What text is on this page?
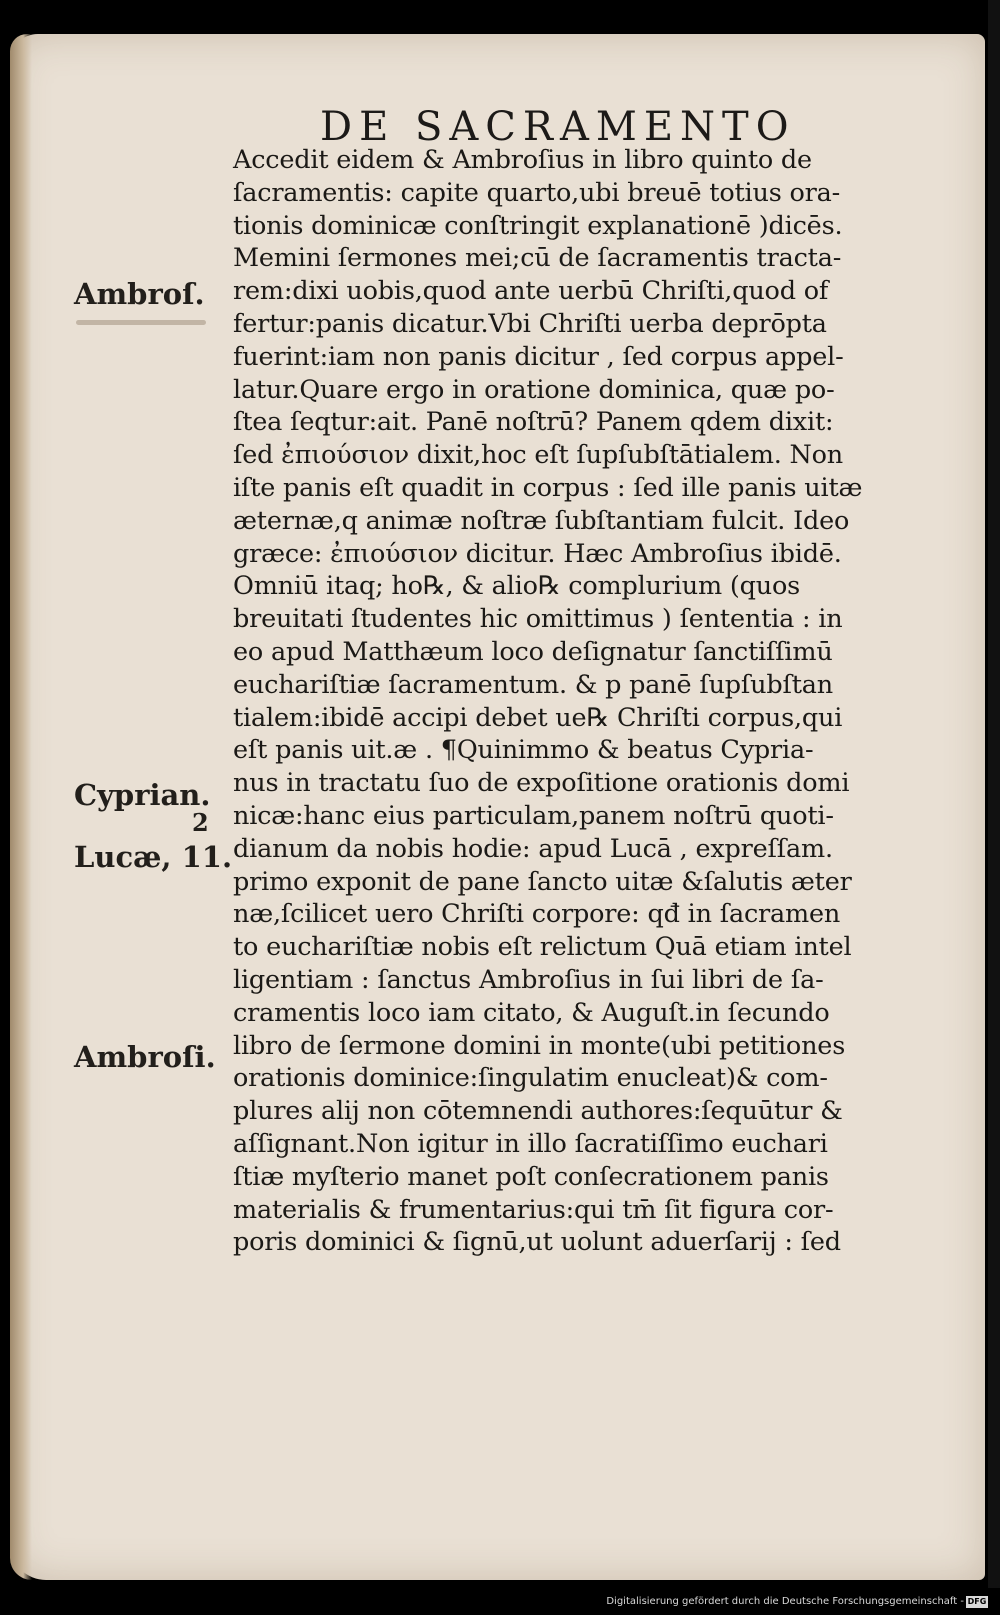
DE SACRAMENTO
Accedit eidem & Ambroſius in libro quinto de
ſacramentis: capite quarto,ubi breuē totius ora-
tionis dominicæ conſtringit explanationē )dicēs.
Memini ſermones mei;cū de ſacramentis tracta-
rem:dixi uobis,quod ante uerbū Chriſti,quod of
fertur:panis dicatur.Vbi Chriſti uerba deprōpta
fuerint:iam non panis dicitur , ſed corpus appel-
latur.Quare ergo in oratione dominica, quæ po-
ſtea ſeqtur:ait. Panē noſtrū? Panem qdem dixit:
ſed ἐπιούσιον dixit,hoc eſt ſupſubſtātialem. Non
iſte panis eſt quadit in corpus : ſed ille panis uitæ
æternæ,q animæ noſtræ ſubſtantiam fulcit. Ideo
græce: ἐπιούσιον dicitur. Hæc Ambroſius ibidē.
Omniū itaq; ho℞, & alio℞ complurium (quos
breuitati ſtudentes hic omittimus ) ſententia : in
eo apud Matthæum loco deſignatur ſanctiſſimū
euchariſtiæ ſacramentum. & p panē ſupſubſtan
tialem:ibidē accipi debet ue℞ Chriſti corpus,qui
eſt panis uit.æ . ¶Quinimmo & beatus Cypria-
nus in tractatu ſuo de expoſitione orationis domi
nicæ:hanc eius particulam,panem noſtrū quoti-
dianum da nobis hodie: apud Lucā , expreſſam.
primo exponit de pane ſancto uitæ &ſalutis æter
næ,ſcilicet uero Chriſti corpore: qđ in ſacramen
to euchariſtiæ nobis eſt relictum Quā etiam intel
ligentiam : ſanctus Ambroſius in ſui libri de ſa-
cramentis loco iam citato, & Auguſt.in ſecundo
libro de ſermone domini in monte(ubi petitiones
orationis dominice:ſingulatim enucleat)& com-
plures alij non cōtemnendi authores:ſequūtur &
aſſignant.Non igitur in illo ſacratiſſimo euchari
ſtiæ myſterio manet poſt conſecrationem panis
materialis & frumentarius:qui tm̄ ſit figura cor-
poris dominici & ſignū,ut uolunt aduerſarij : ſed
Ambroſ.
Cyprian.
2
Lucæ, 11.
Ambroſi.
Digitalisierung gefördert durch die Deutsche Forschungsgemeinschaft - DFG
